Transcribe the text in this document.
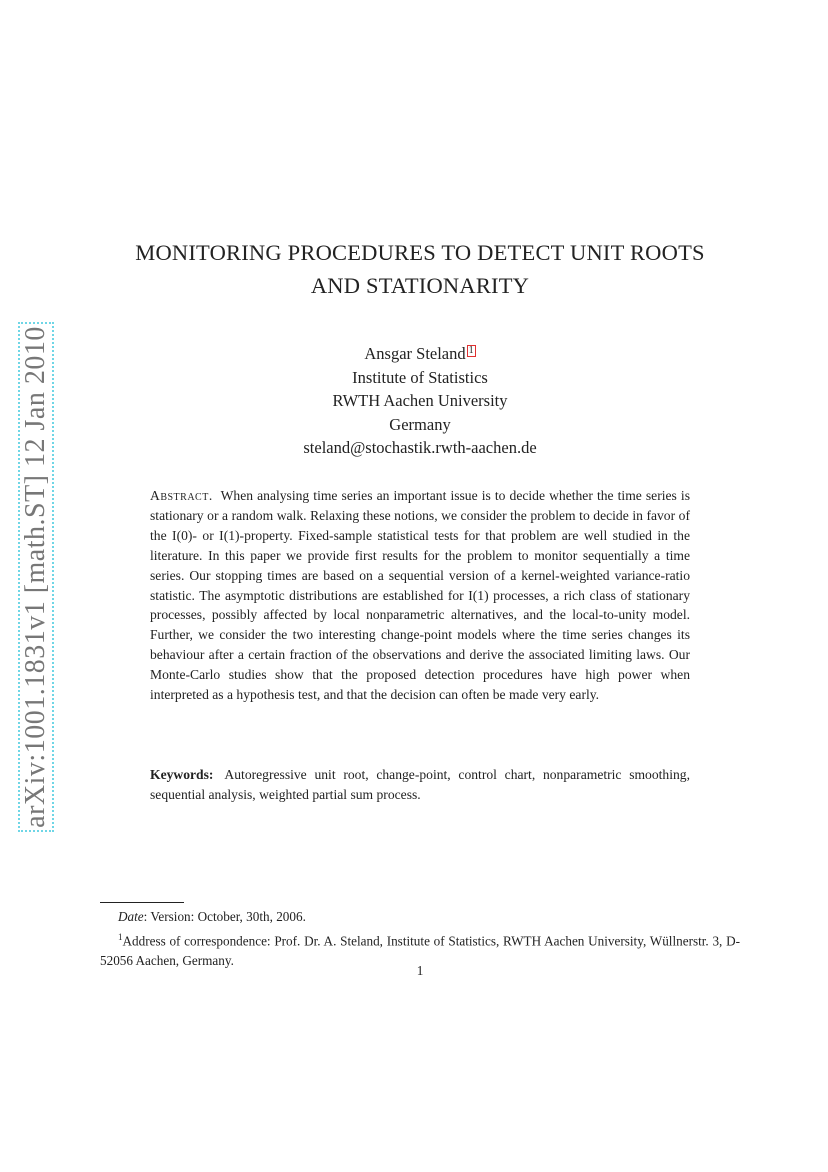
arXiv:1001.1831v1 [math.ST] 12 Jan 2010
MONITORING PROCEDURES TO DETECT UNIT ROOTS
AND STATIONARITY
Ansgar Steland 1
Institute of Statistics
RWTH Aachen University
Germany
steland@stochastik.rwth-aachen.de
Abstract. When analysing time series an important issue is to decide whether the time series is stationary or a random walk. Relaxing these notions, we consider the problem to decide in favor of the I(0)- or I(1)-property. Fixed-sample statistical tests for that problem are well studied in the literature. In this paper we provide first results for the problem to monitor sequentially a time series. Our stopping times are based on a sequential version of a kernel-weighted variance-ratio statistic. The asymptotic distributions are established for I(1) processes, a rich class of stationary processes, possibly affected by local nonparametric alternatives, and the local-to-unity model. Further, we consider the two interesting change-point models where the time series changes its behaviour after a certain fraction of the observations and derive the associated limiting laws. Our Monte-Carlo studies show that the proposed detection procedures have high power when interpreted as a hypothesis test, and that the decision can often be made very early.
Keywords: Autoregressive unit root, change-point, control chart, nonparametric smoothing, sequential analysis, weighted partial sum process.
Date: Version: October, 30th, 2006.
$^1$Address of correspondence: Prof. Dr. A. Steland, Institute of Statistics, RWTH Aachen University, Wüllnerstr. 3, D-52056 Aachen, Germany.
1
